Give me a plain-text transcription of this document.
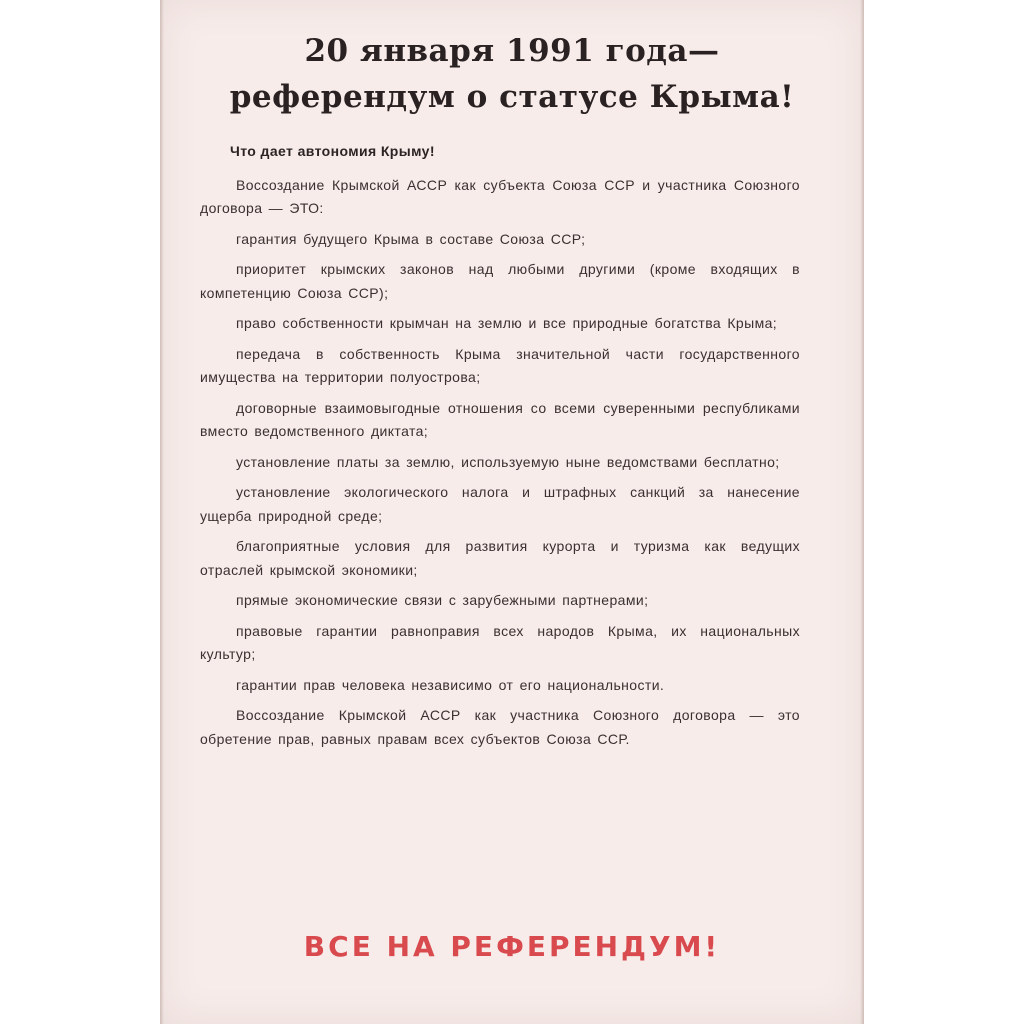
20 января 1991 года—
референдум о статусе Крыма!

Что дает автономия Крыму!

Воссоздание Крымской АССР как субъекта Союза ССР и участника Союзного договора — ЭТО:

гарантия будущего Крыма в составе Союза ССР;

приоритет крымских законов над любыми другими (кроме входящих в компетенцию Союза ССР);

право собственности крымчан на землю и все природные богатства Крыма;

передача в собственность Крыма значительной части государственного имущества на территории полуострова;

договорные взаимовыгодные отношения со всеми суверенными республиками вместо ведомственного диктата;

установление платы за землю, используемую ныне ведомствами бесплатно;

установление экологического налога и штрафных санкций за нанесение ущерба природной среде;

благоприятные условия для развития курорта и туризма как ведущих отраслей крымской экономики;

прямые экономические связи с зарубежными партнерами;

правовые гарантии равноправия всех народов Крыма, их национальных культур;

гарантии прав человека независимо от его национальности.

Воссоздание Крымской АССР как участника Союзного договора — это обретение прав, равных правам всех субъектов Союза ССР.

ВСЕ НА РЕФЕРЕНДУМ!
